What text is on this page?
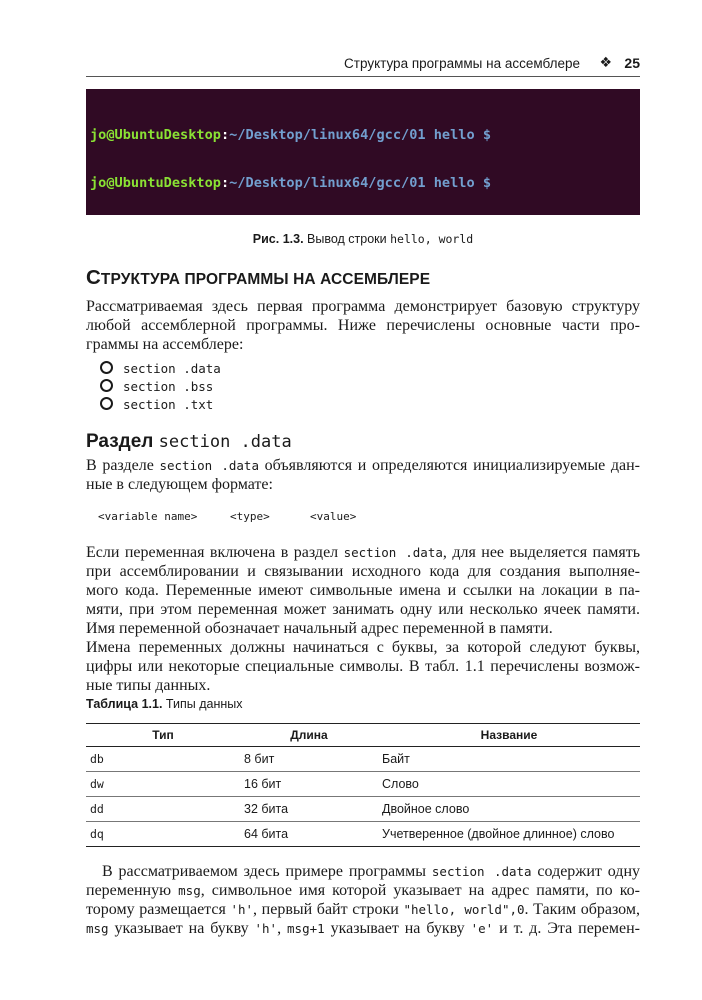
Структура программы на ассемблере ❖ 25

jo@UbuntuDesktop:~/Desktop/linux64/gcc/01 hello $

jo@UbuntuDesktop:~/Desktop/linux64/gcc/01 hello $

Рис. 1.3. Вывод строки hello, world
СТРУКТУРА ПРОГРАММЫ НА АССЕМБЛЕРЕ
Рассматриваемая здесь первая программа демонстрирует базовую структуру
любой ассемблерной программы. Ниже перечислены основные части про-
граммы на ассемблере:
section .data
section .bss
section .txt
Раздел section .data
В разделе section .data объявляются и определяются инициализируемые дан-
ные в следующем формате:
<variable name>	<type>	<value>
Если переменная включена в раздел section .data, для нее выделяется память
при ассемблировании и связывании исходного кода для создания выполняе-
мого кода. Переменные имеют символьные имена и ссылки на локации в па-
мяти, при этом переменная может занимать одну или несколько ячеек памяти.
Имя переменной обозначает начальный адрес переменной в памяти.
Имена переменных должны начинаться с буквы, за которой следуют буквы,
цифры или некоторые специальные символы. В табл. 1.1 перечислены возмож-
ные типы данных.
Таблица 1.1. Типы данных
Тип	Длина	Название
db	8 бит	Байт
dw	16 бит	Слово
dd	32 бита	Двойное слово
dq	64 бита	Учетверенное (двойное длинное) слово
В рассматриваемом здесь примере программы section .data содержит одну
переменную msg, символьное имя которой указывает на адрес памяти, по ко-
торому размещается 'h', первый байт строки "hello, world",0. Таким образом,
msg указывает на букву 'h', msg+1 указывает на букву 'e' и т. д. Эта перемен-
